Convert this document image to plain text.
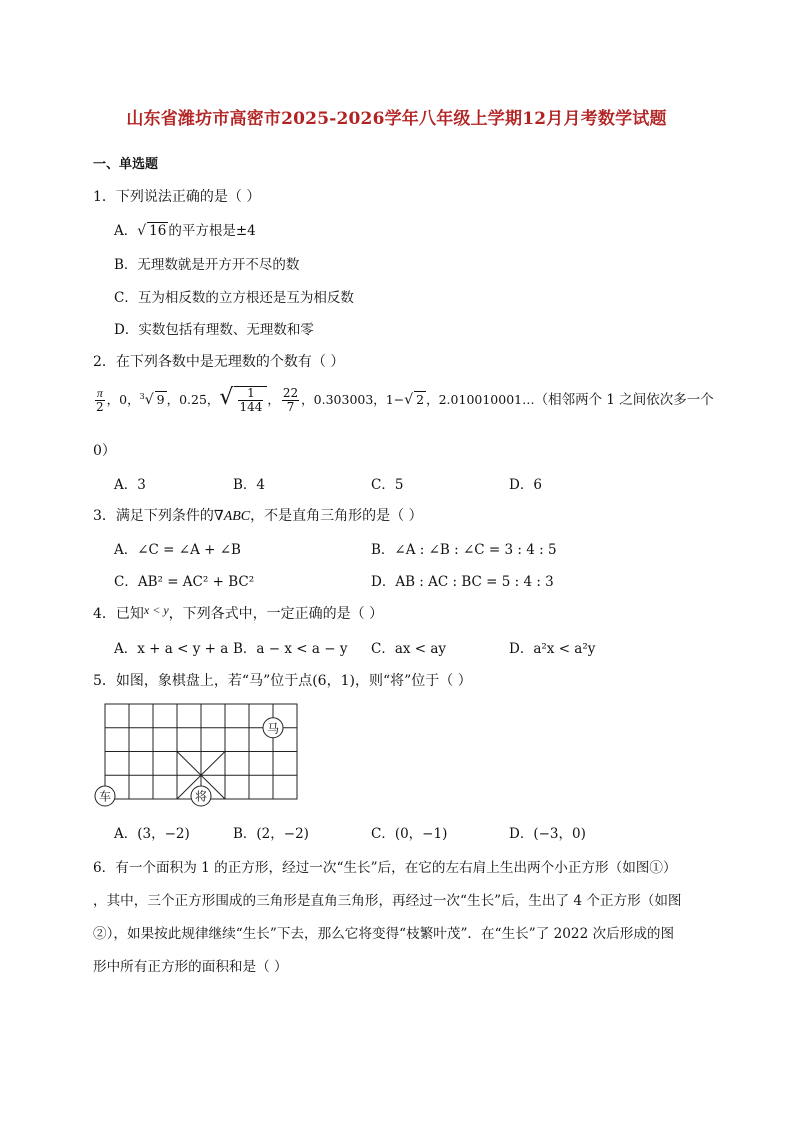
山东省潍坊市高密市2025-2026学年八年级上学期12月月考数学试题
一、单选题
1．下列说法正确的是（ ）
A．√ 16 的平方根是±4
B．无理数就是开方开不尽的数
C．互为相反数的立方根还是互为相反数
D．实数包括有理数、无理数和零
2．在下列各数中是无理数的个数有（ ）
$\frac{\pi}{2}$ ，0，$^3$√ 9 ，0.25̇，√ $\frac{1}{144}$ ， $\frac{22}{7}$ ，0.303003，1−√ 2 ，2.010010001…（相邻两个 1 之间依次多一个
0）
A．3	B．4	C．5	D．6
3．满足下列条件的∇ABC，不是直角三角形的是（ ）
A．∠C = ∠A + ∠B	B．∠A : ∠B : ∠C = 3 : 4 : 5
C．AB² = AC² + BC²	D．AB : AC : BC = 5 : 4 : 3
4．已知x < y，下列各式中，一定正确的是（ ）
A．x + a < y + a B．a − x < a − y C．ax < ay	D．a²x < a²y
5．如图，象棋盘上，若“马”位于点(6，1)，则“将”位于（ ）
马
车	将
A．(3，−2)	B．(2，−2)	C．(0，−1)	D．(−3，0)
6．有一个面积为 1 的正方形，经过一次“生长”后，在它的左右肩上生出两个小正方形（如图①）
，其中，三个正方形围成的三角形是直角三角形，再经过一次“生长”后，生出了 4 个正方形（如图
②），如果按此规律继续“生长”下去，那么它将变得“枝繁叶茂”．在“生长”了 2022 次后形成的图
形中所有正方形的面积和是（ ）
